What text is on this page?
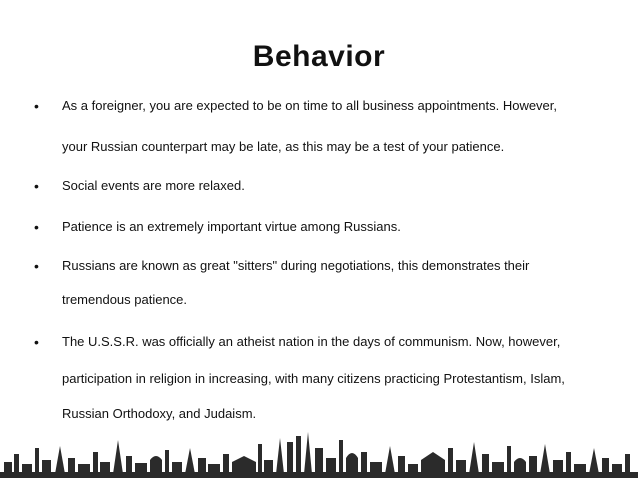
Behavior
• As a foreigner, you are expected to be on time to all business appointments. However,
your Russian counterpart may be late, as this may be a test of your patience.
• Social events are more relaxed.
• Patience is an extremely important virtue among Russians.
• Russians are known as great "sitters" during negotiations, this demonstrates their
tremendous patience.
• The U.S.S.R. was officially an atheist nation in the days of communism. Now, however,
participation in religion in increasing, with many citizens practicing Protestantism, Islam,
Russian Orthodoxy, and Judaism.
